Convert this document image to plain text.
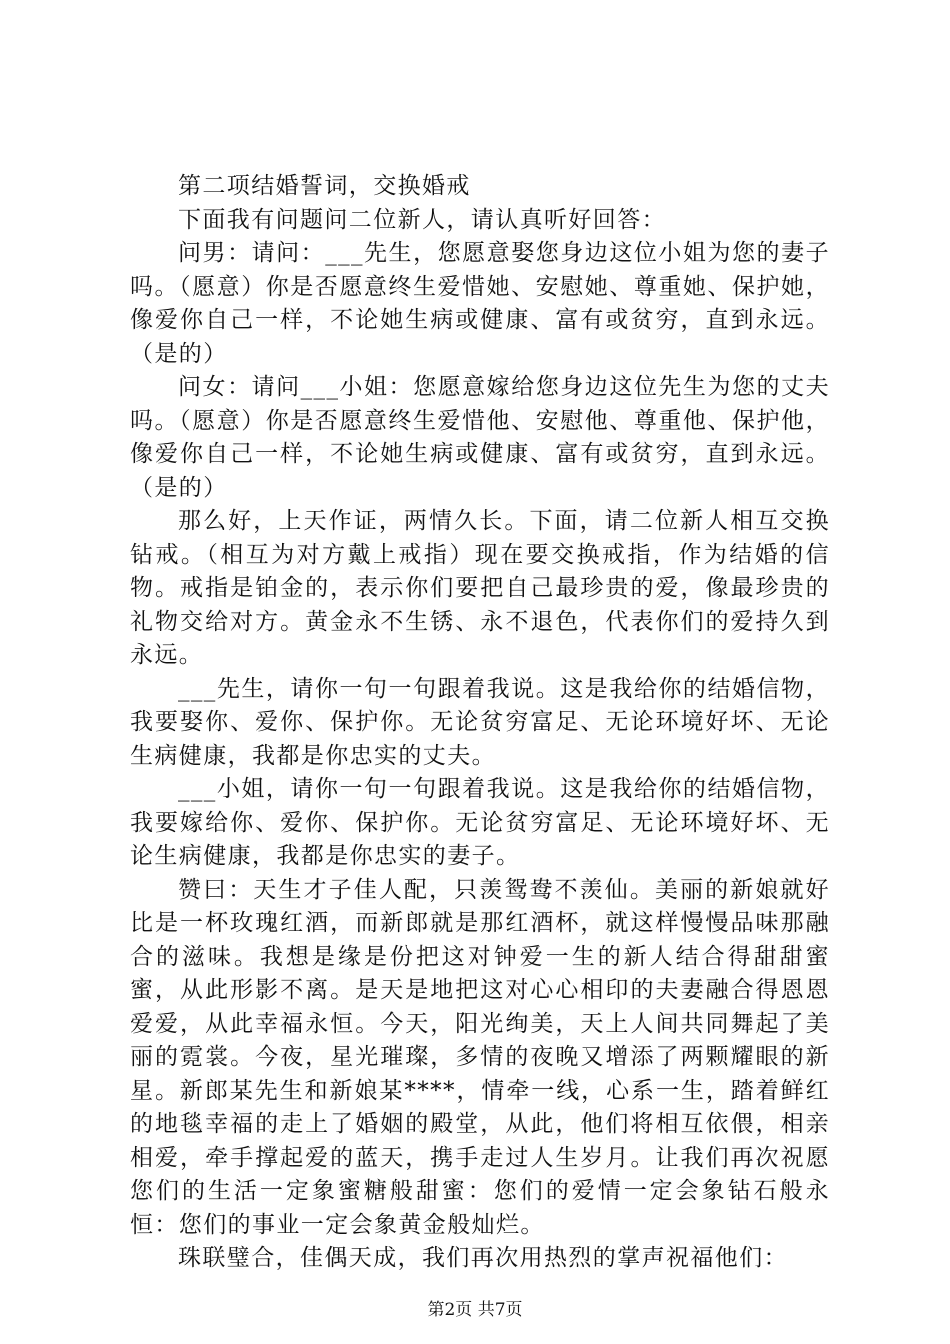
第二项结婚誓词，交换婚戒

下面我有问题问二位新人，请认真听好回答：

问男：请问：___先生，您愿意娶您身边这位小姐为您的妻子吗。（愿意）你是否愿意终生爱惜她、安慰她、尊重她、保护她，像爱你自己一样，不论她生病或健康、富有或贫穷，直到永远。（是的）

问女：请问___小姐：您愿意嫁给您身边这位先生为您的丈夫吗。（愿意）你是否愿意终生爱惜他、安慰他、尊重他、保护他，像爱你自己一样，不论她生病或健康、富有或贫穷，直到永远。（是的）

那么好，上天作证，两情久长。下面，请二位新人相互交换钻戒。（相互为对方戴上戒指）现在要交换戒指，作为结婚的信物。戒指是铂金的，表示你们要把自己最珍贵的爱，像最珍贵的礼物交给对方。黄金永不生锈、永不退色，代表你们的爱持久到永远。

___先生，请你一句一句跟着我说。这是我给你的结婚信物，我要娶你、爱你、保护你。无论贫穷富足、无论环境好坏、无论生病健康，我都是你忠实的丈夫。

___小姐，请你一句一句跟着我说。这是我给你的结婚信物，我要嫁给你、爱你、保护你。无论贫穷富足、无论环境好坏、无论生病健康，我都是你忠实的妻子。

赞曰：天生才子佳人配，只羡鸳鸯不羡仙。美丽的新娘就好比是一杯玫瑰红酒，而新郎就是那红酒杯，就这样慢慢品味那融合的滋味。我想是缘是份把这对钟爱一生的新人结合得甜甜蜜蜜，从此形影不离。是天是地把这对心心相印的夫妻融合得恩恩爱爱，从此幸福永恒。今天，阳光绚美，天上人间共同舞起了美丽的霓裳。今夜，星光璀璨，多情的夜晚又增添了两颗耀眼的新星。新郎某先生和新娘某****，情牵一线，心系一生，踏着鲜红的地毯幸福的走上了婚姻的殿堂，从此，他们将相互依偎，相亲相爱，牵手撑起爱的蓝天，携手走过人生岁月。让我们再次祝愿您们的生活一定象蜜糖般甜蜜：您们的爱情一定会象钻石般永恒：您们的事业一定会象黄金般灿烂。

珠联璧合，佳偶天成，我们再次用热烈的掌声祝福他们：

第2页 共7页
